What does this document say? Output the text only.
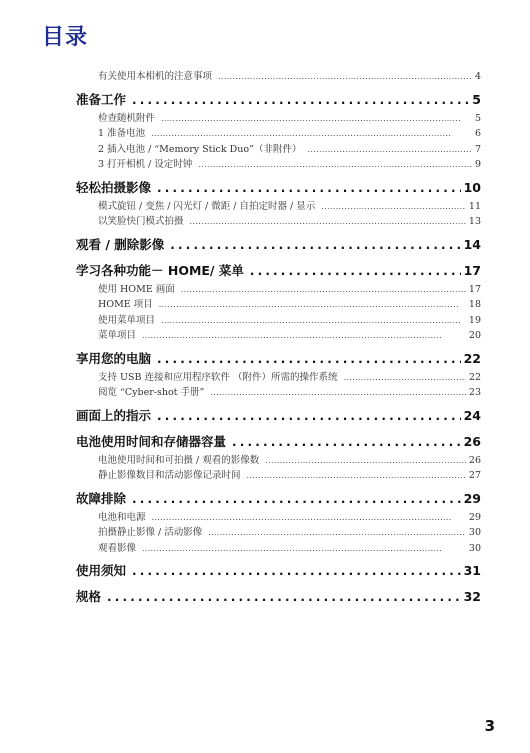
目录
有关使用本相机的注意事项 . . .	4
准备工作 . . .	5
检查随机附件 . . .	5
1 准备电池 . . .	6
2 插入电池 / “Memory Stick Duo”（非附件） . . .	7
3 打开相机 / 设定时钟 . . .	9
轻松拍摄影像 . . .	10
模式旋钮 / 变焦 / 闪光灯 / 微距 / 自拍定时器 / 显示 . . .	11
以笑脸快门模式拍摄 . . .	13
观看 / 删除影像 . . .	14
学习各种功能－ HOME/ 菜单 . . .	17
使用 HOME 画面 . . .	17
HOME 项目 . . .	18
使用菜单项目 . . .	19
菜单项目 . . .	20
享用您的电脑 . . .	22
支持 USB 连接和应用程序软件 （附件）所需的操作系统 . . .	22
阅览 “Cyber-shot 手册” . . .	23
画面上的指示 . . .	24
电池使用时间和存储器容量 . . .	26
电池使用时间和可拍摄 / 观看的影像数 . . .	26
静止影像数目和活动影像记录时间 . . .	27
故障排除 . . .	29
电池和电源 . . .	29
拍摄静止影像 / 活动影像 . . .	30
观看影像 . . .	30
使用须知 . . .	31
规格 . . .	32
3
